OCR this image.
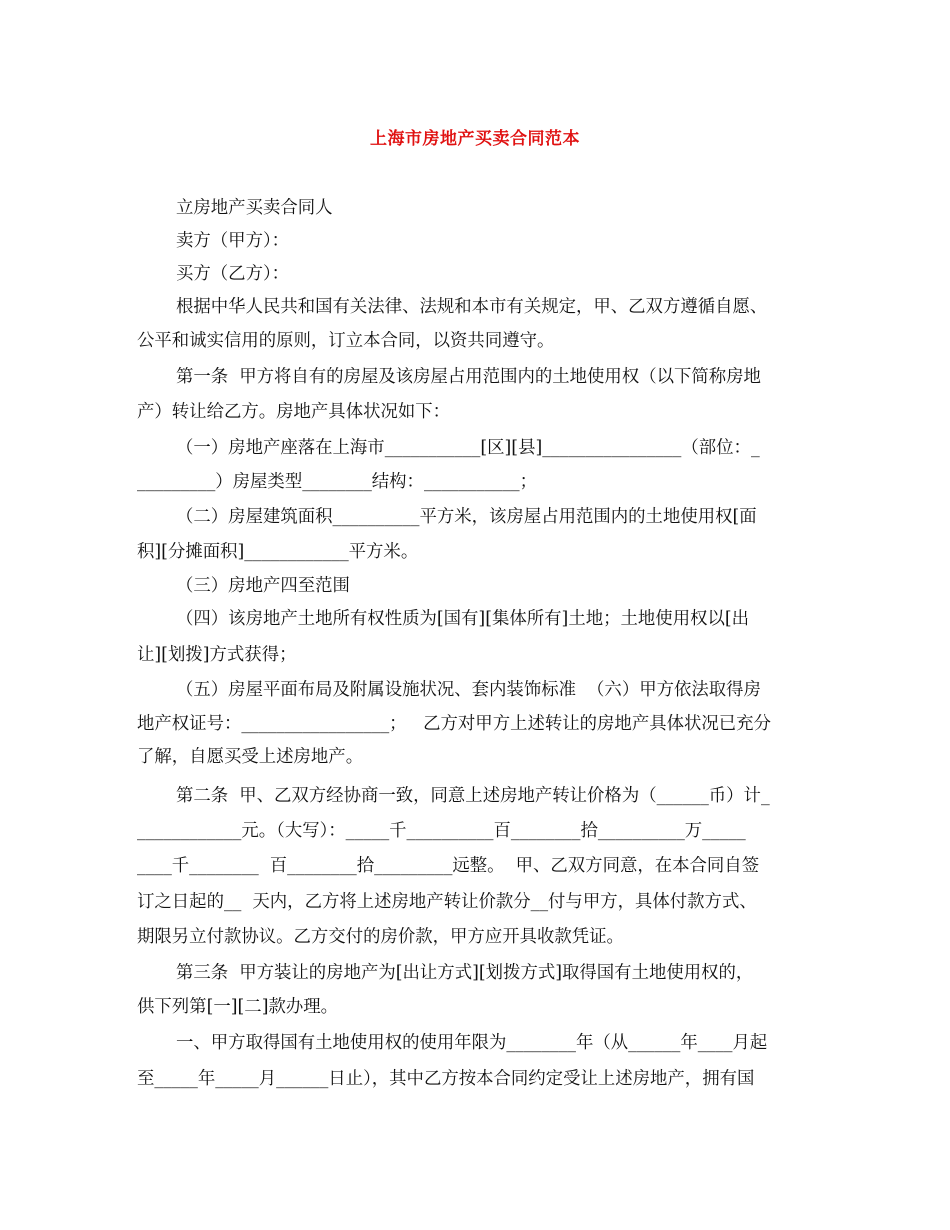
上海市房地产买卖合同范本
立房地产买卖合同人
卖方（甲方）：
买方（乙方）：
根据中华人民共和国有关法律、法规和本市有关规定，甲、乙双方遵循自愿、
公平和诚实信用的原则，订立本合同，以资共同遵守。
第一条  甲方将自有的房屋及该房屋占用范围内的土地使用权（以下简称房地
产）转让给乙方。房地产具体状况如下：
（一）房地产座落在上海市___________[区][县]________________（部位：_
_________）房屋类型________结构：___________；
（二）房屋建筑面积__________平方米，该房屋占用范围内的土地使用权[面
积][分摊面积]____________平方米。
（三）房地产四至范围
（四）该房地产土地所有权性质为[国有][集体所有]土地；土地使用权以[出
让][划拨]方式获得；
（五）房屋平面布局及附属设施状况、套内装饰标准  （六）甲方依法取得房
地产权证号：_________________；   乙方对甲方上述转让的房地产具体状况已充分
了解，自愿买受上述房地产。
第二条  甲、乙双方经协商一致，同意上述房地产转让价格为（______币）计_
____________元。（大写）：_____千__________百________拾__________万_____
____千________  百________拾_________远整。  甲、乙双方同意，在本合同自签
订之日起的__  天内，乙方将上述房地产转让价款分__付与甲方，具体付款方式、
期限另立付款协议。乙方交付的房价款，甲方应开具收款凭证。
第三条  甲方装让的房地产为[出让方式][划拨方式]取得国有土地使用权的，
供下列第[一][二]款办理。
一、甲方取得国有土地使用权的使用年限为________年（从______年____月起
至_____年_____月______日止），其中乙方按本合同约定受让上述房地产，拥有国
